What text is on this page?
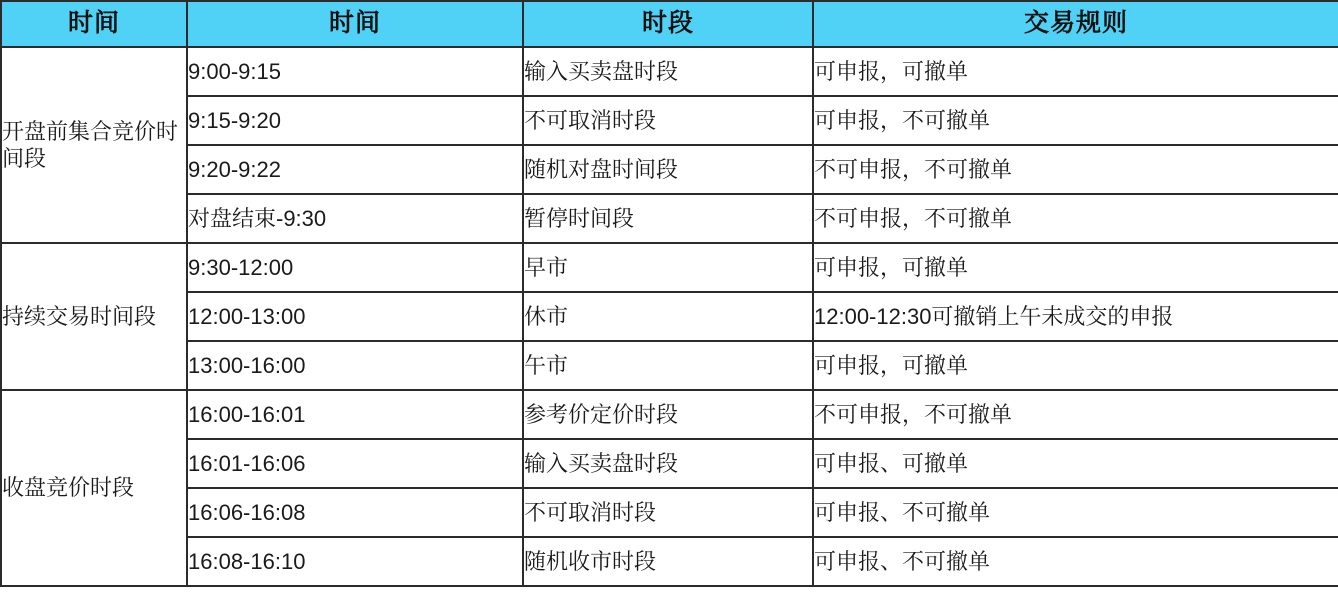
时间	时间	时段	交易规则
开盘前集合竞价时间段	9:00-9:15	输入买卖盘时段	可申报，可撤单
	9:15-9:20	不可取消时段	可申报，不可撤单
	9:20-9:22	随机对盘时间段	不可申报，不可撤单
	对盘结束-9:30	暂停时间段	不可申报，不可撤单
持续交易时间段	9:30-12:00	早市	可申报，可撤单
	12:00-13:00	休市	12:00-12:30可撤销上午未成交的申报
	13:00-16:00	午市	可申报，可撤单
收盘竞价时段	16:00-16:01	参考价定价时段	不可申报，不可撤单
	16:01-16:06	输入买卖盘时段	可申报、可撤单
	16:06-16:08	不可取消时段	可申报、不可撤单
	16:08-16:10	随机收市时段	可申报、不可撤单
